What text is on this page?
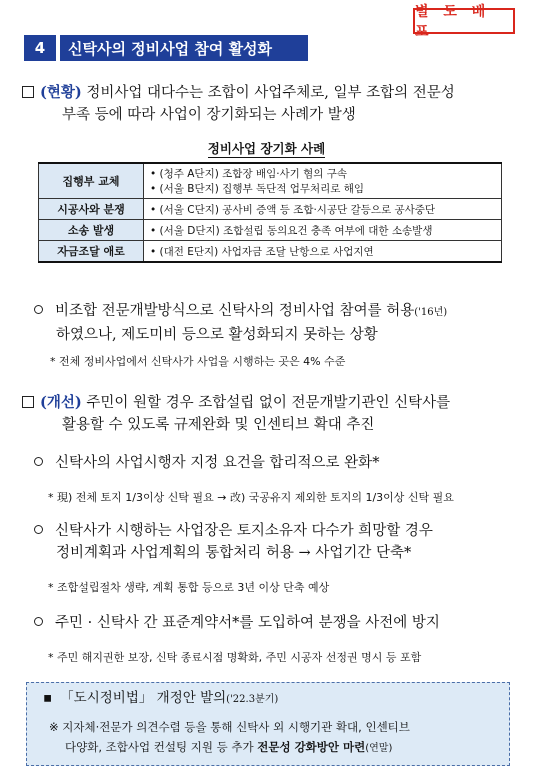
별 도 배 포
4	신탁사의 정비사업 참여 활성화
(현황) 정비사업 대다수는 조합이 사업주체로, 일부 조합의 전문성
부족 등에 따라 사업이 장기화되는 사례가 발생
정비사업 장기화 사례
집행부 교체	• (청주 A단지) 조합장 배임·사기 혐의 구속
• (서울 B단지) 집행부 독단적 업무처리로 해임

시공사와 분쟁	• (서울 C단지) 공사비 증액 등 조합·시공단 갈등으로 공사중단

소송 발생	• (서울 D단지) 조합설립 동의요건 충족 여부에 대한 소송발생

자금조달 애로	• (대전 E단지) 사업자금 조달 난항으로 사업지연
비조합 전문개발방식으로 신탁사의 정비사업 참여를 허용('16년)
하였으나, 제도미비 등으로 활성화되지 못하는 상황
* 전체 정비사업에서 신탁사가 사업을 시행하는 곳은 4% 수준
(개선) 주민이 원할 경우 조합설립 없이 전문개발기관인 신탁사를
활용할 수 있도록 규제완화 및 인센티브 확대 추진
신탁사의 사업시행자 지정 요건을 합리적으로 완화*
* 現) 전체 토지 1/3이상 신탁 필요 → 改) 국공유지 제외한 토지의 1/3이상 신탁 필요
신탁사가 시행하는 사업장은 토지소유자 다수가 희망할 경우
정비계획과 사업계획의 통합처리 허용 → 사업기간 단축*
* 조합설립절차 생략, 계획 통합 등으로 3년 이상 단축 예상
주민 · 신탁사 간 표준계약서*를 도입하여 분쟁을 사전에 방지
* 주민 해지권한 보장, 신탁 종료시점 명확화, 주민 시공자 선정권 명시 등 포함
▪ 「도시정비법」 개정안 발의('22.3분기)
※ 지자체·전문가 의견수렴 등을 통해 신탁사 외 시행기관 확대, 인센티브
다양화, 조합사업 컨설팅 지원 등 추가 전문성 강화방안 마련(연말)
